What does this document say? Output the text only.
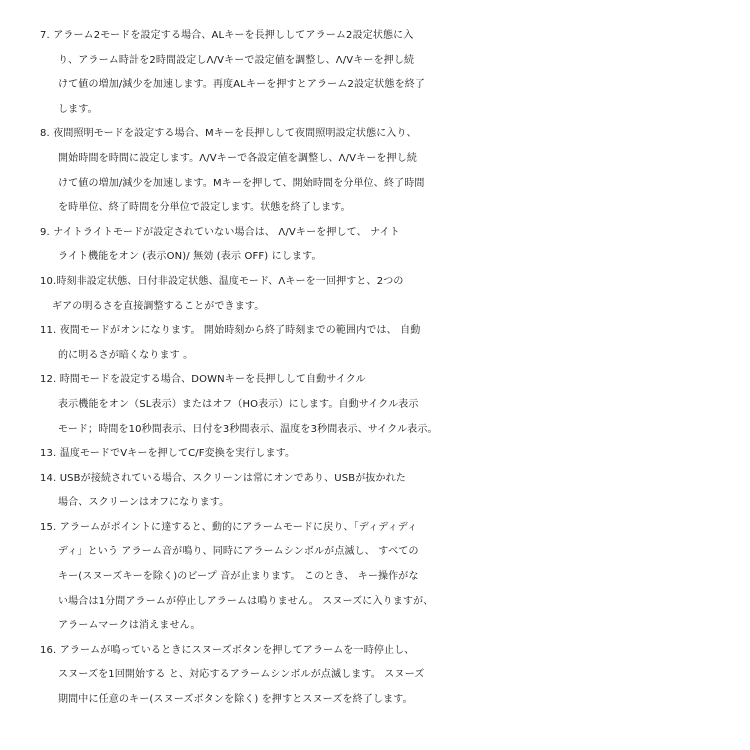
7. アラーム2モードを設定する場合、ALキーを長押ししてアラーム2設定状態に入
り、アラーム時計を2時間設定しΛ/Vキーで設定値を調整し、Λ/Vキーを押し続
けて値の増加/減少を加速します。再度ALキーを押すとアラーム2設定状態を終了
します。
8. 夜間照明モードを設定する場合、Mキーを長押しして夜間照明設定状態に入り、
開始時間を時間に設定します。Λ/Vキーで各設定値を調整し、Λ/Vキーを押し続
けて値の増加/減少を加速します。Mキーを押して、開始時間を分単位、終了時間
を時単位、終了時間を分単位で設定します。状態を終了します。
9. ナイトライトモードが設定されていない場合は、 Λ/Vキーを押して、 ナイト
ライト機能をオン (表示ON)/ 無効 (表示 OFF) にします。
10.時刻非設定状態、日付非設定状態、温度モード、Λキーを一回押すと、2つの
ギアの明るさを直接調整することができます。
11. 夜間モードがオンになります。 開始時刻から終了時刻までの範囲内では、 自動
的に明るさが暗くなります 。
12. 時間モードを設定する場合、DOWNキーを長押しして自動サイクル
表示機能をオン（SL表示）またはオフ（HO表示）にします。自動サイクル表示
モード；時間を10秒間表示、日付を3秒間表示、温度を3秒間表示、サイクル表示。
13. 温度モードでVキーを押してC/F変換を実行します。
14. USBが接続されている場合、スクリーンは常にオンであり、USBが抜かれた
場合、スクリーンはオフになります。
15. アラームがポイントに達すると、動的にアラームモードに戻り、「ディディディ
ディ」という アラーム音が鳴り、同時にアラームシンボルが点滅し、 すべての
キー(スヌーズキーを除く)のビープ 音が止まります。 このとき、 キー操作がな
い場合は1分間アラームが停止しアラームは鳴りません。 スヌーズに入りますが、
アラームマークは消えません。
16. アラームが鳴っているときにスヌーズボタンを押してアラームを一時停止し、
スヌーズを1回開始する と、対応するアラームシンボルが点滅します。 スヌーズ
期間中に任意のキー(スヌーズボタンを除く) を押すとスヌーズを終了します。
